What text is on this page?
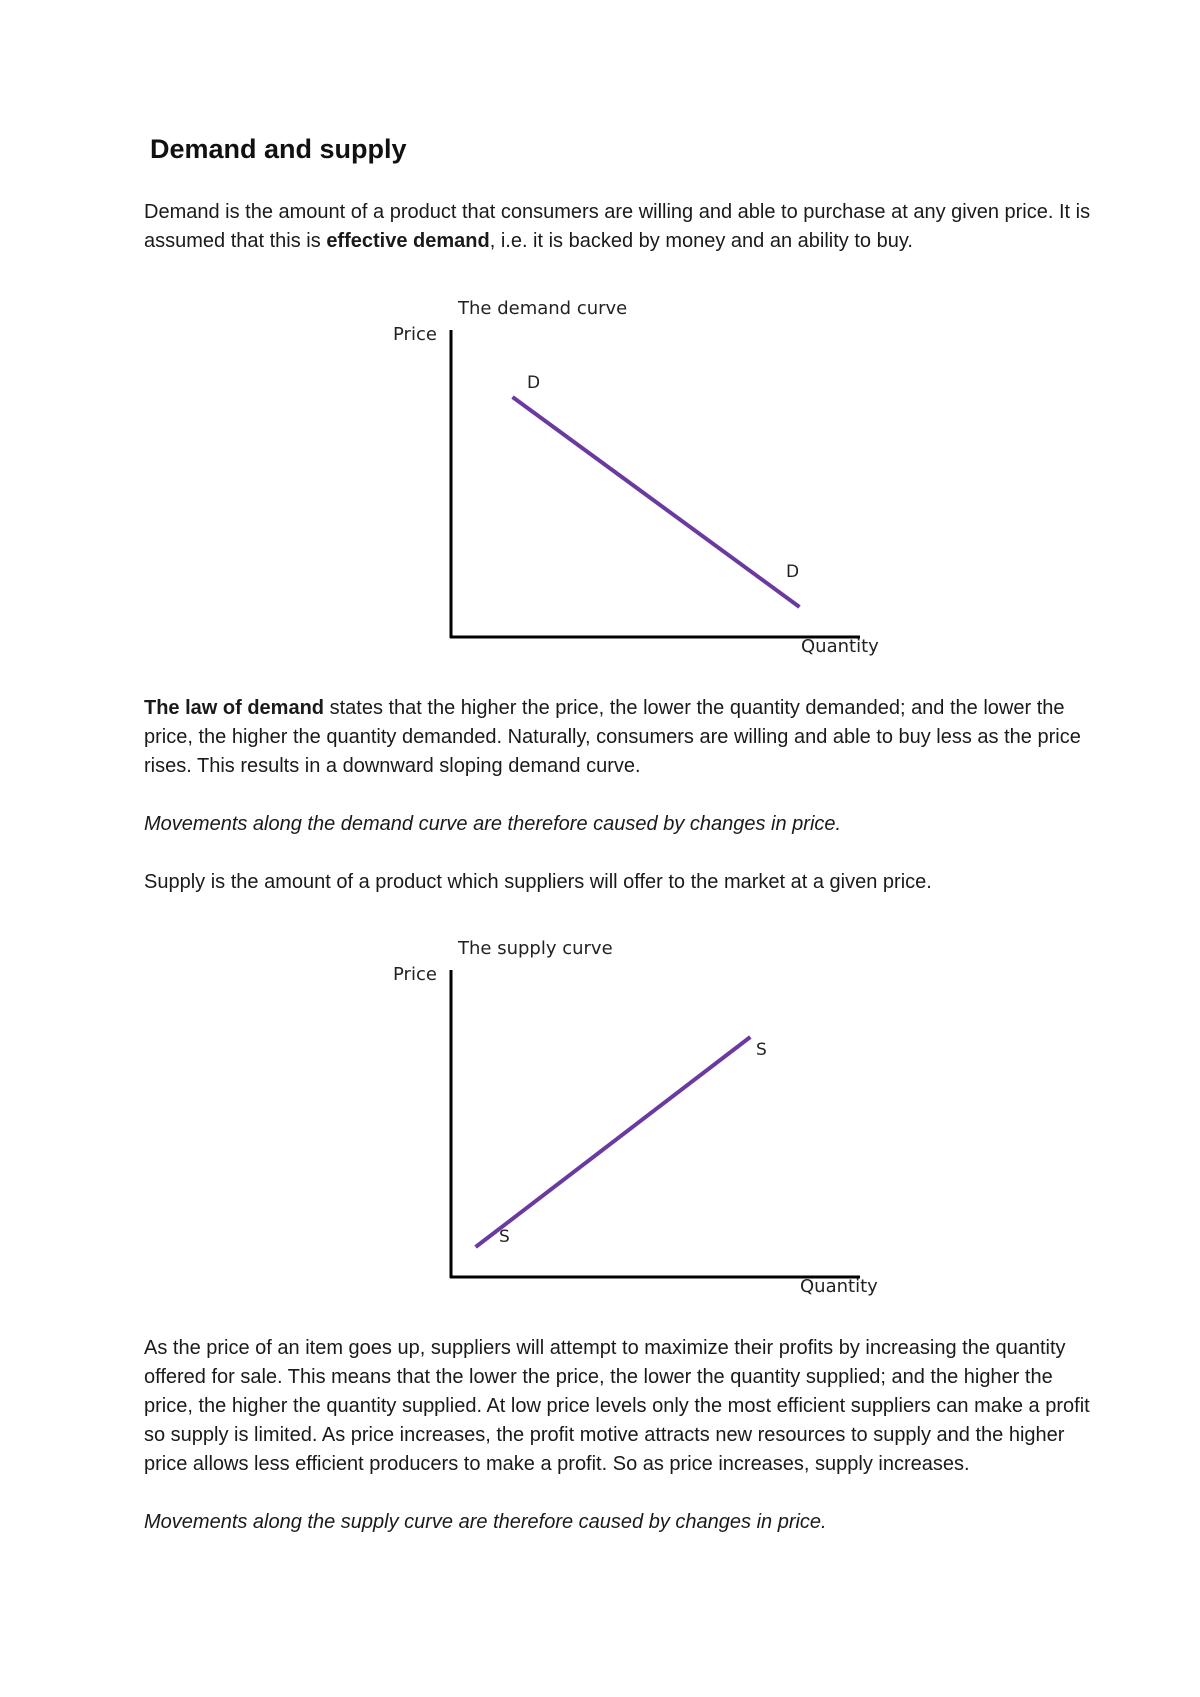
Demand and supply

Demand is the amount of a product that consumers are willing and able to purchase at any given price. It is
assumed that this is effective demand, i.e. it is backed by money and an ability to buy.

The demand curve
Price
Quantity
D
D

The law of demand states that the higher the price, the lower the quantity demanded; and the lower the
price, the higher the quantity demanded. Naturally, consumers are willing and able to buy less as the price
rises. This results in a downward sloping demand curve.

Movements along the demand curve are therefore caused by changes in price.

Supply is the amount of a product which suppliers will offer to the market at a given price.

The supply curve
Price
Quantity
S
S

As the price of an item goes up, suppliers will attempt to maximize their profits by increasing the quantity
offered for sale. This means that the lower the price, the lower the quantity supplied; and the higher the
price, the higher the quantity supplied. At low price levels only the most efficient suppliers can make a profit
so supply is limited. As price increases, the profit motive attracts new resources to supply and the higher
price allows less efficient producers to make a profit. So as price increases, supply increases.

Movements along the supply curve are therefore caused by changes in price.
